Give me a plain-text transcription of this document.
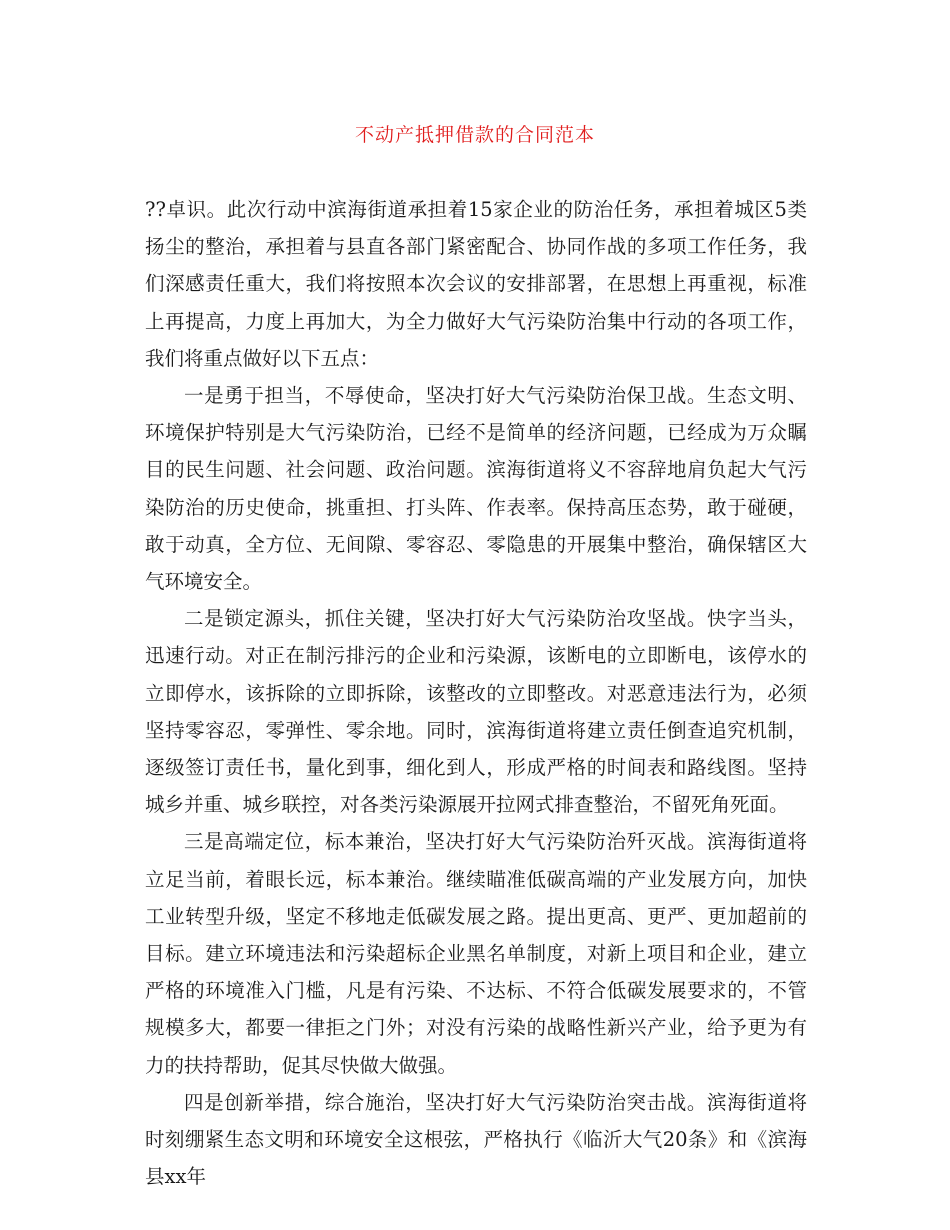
不动产抵押借款的合同范本

??卓识。此次行动中滨海街道承担着15家企业的防治任务，承担着城区5类扬尘的整治，承担着与县直各部门紧密配合、协同作战的多项工作任务，我们深感责任重大，我们将按照本次会议的安排部署，在思想上再重视，标准上再提高，力度上再加大，为全力做好大气污染防治集中行动的各项工作，我们将重点做好以下五点：

一是勇于担当，不辱使命，坚决打好大气污染防治保卫战。生态文明、环境保护特别是大气污染防治，已经不是简单的经济问题，已经成为万众瞩目的民生问题、社会问题、政治问题。滨海街道将义不容辞地肩负起大气污染防治的历史使命，挑重担、打头阵、作表率。保持高压态势，敢于碰硬，敢于动真，全方位、无间隙、零容忍、零隐患的开展集中整治，确保辖区大气环境安全。

二是锁定源头，抓住关键，坚决打好大气污染防治攻坚战。快字当头，迅速行动。对正在制污排污的企业和污染源，该断电的立即断电，该停水的立即停水，该拆除的立即拆除，该整改的立即整改。对恶意违法行为，必须坚持零容忍，零弹性、零余地。同时，滨海街道将建立责任倒查追究机制，逐级签订责任书，量化到事，细化到人，形成严格的时间表和路线图。坚持城乡并重、城乡联控，对各类污染源展开拉网式排查整治，不留死角死面。

三是高端定位，标本兼治，坚决打好大气污染防治歼灭战。滨海街道将立足当前，着眼长远，标本兼治。继续瞄准低碳高端的产业发展方向，加快工业转型升级，坚定不移地走低碳发展之路。提出更高、更严、更加超前的目标。建立环境违法和污染超标企业黑名单制度，对新上项目和企业，建立严格的环境准入门槛，凡是有污染、不达标、不符合低碳发展要求的，不管规模多大，都要一律拒之门外；对没有污染的战略性新兴产业，给予更为有力的扶持帮助，促其尽快做大做强。

四是创新举措，综合施治，坚决打好大气污染防治突击战。滨海街道将时刻绷紧生态文明和环境安全这根弦，严格执行《临沂大气20条》和《滨海县xx年
